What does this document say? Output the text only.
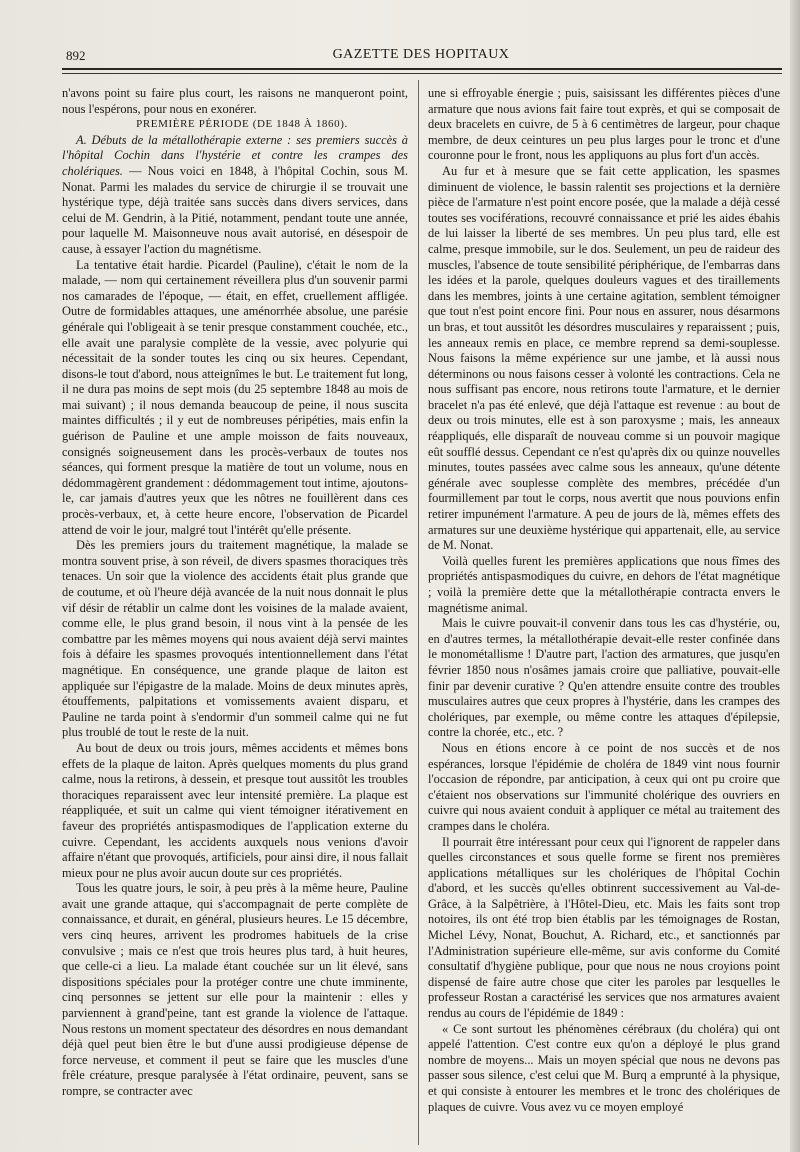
892	GAZETTE DES HOPITAUX

n'avons point su faire plus court, les raisons ne manqueront point, nous l'espérons, pour nous en exonérer.

PREMIÈRE PÉRIODE (DE 1848 À 1860).

A. Débuts de la métallothérapie externe : ses premiers succès à l'hôpital Cochin dans l'hystérie et contre les crampes des cholériques. — Nous voici en 1848, à l'hôpital Cochin, sous M. Nonat. Parmi les malades du service de chirurgie il se trouvait une hystérique type, déjà traitée sans succès dans divers services, dans celui de M. Gendrin, à la Pitié, notamment, pendant toute une année, pour laquelle M. Maisonneuve nous avait autorisé, en désespoir de cause, à essayer l'action du magnétisme.

La tentative était hardie. Picardel (Pauline), c'était le nom de la malade, — nom qui certainement réveillera plus d'un souvenir parmi nos camarades de l'époque, — était, en effet, cruellement affligée. Outre de formidables attaques, une aménorrhée absolue, une parésie générale qui l'obligeait à se tenir presque constamment couchée, etc., elle avait une paralysie complète de la vessie, avec polyurie qui nécessitait de la sonder toutes les cinq ou six heures. Cependant, disons-le tout d'abord, nous atteignîmes le but. Le traitement fut long, il ne dura pas moins de sept mois (du 25 septembre 1848 au mois de mai suivant) ; il nous demanda beaucoup de peine, il nous suscita maintes difficultés ; il y eut de nombreuses péripéties, mais enfin la guérison de Pauline et une ample moisson de faits nouveaux, consignés soigneusement dans les procès-verbaux de toutes nos séances, qui forment presque la matière de tout un volume, nous en dédommagèrent grandement : dédommagement tout intime, ajoutons-le, car jamais d'autres yeux que les nôtres ne fouillèrent dans ces procès-verbaux, et, à cette heure encore, l'observation de Picardel attend de voir le jour, malgré tout l'intérêt qu'elle présente.

Dès les premiers jours du traitement magnétique, la malade se montra souvent prise, à son réveil, de divers spasmes thoraciques très tenaces. Un soir que la violence des accidents était plus grande que de coutume, et où l'heure déjà avancée de la nuit nous donnait le plus vif désir de rétablir un calme dont les voisines de la malade avaient, comme elle, le plus grand besoin, il nous vint à la pensée de les combattre par les mêmes moyens qui nous avaient déjà servi maintes fois à défaire les spasmes provoqués intentionnellement dans l'état magnétique. En conséquence, une grande plaque de laiton est appliquée sur l'épigastre de la malade. Moins de deux minutes après, étouffements, palpitations et vomissements avaient disparu, et Pauline ne tarda point à s'endormir d'un sommeil calme qui ne fut plus troublé de tout le reste de la nuit.

Au bout de deux ou trois jours, mêmes accidents et mêmes bons effets de la plaque de laiton. Après quelques moments du plus grand calme, nous la retirons, à dessein, et presque tout aussitôt les troubles thoraciques reparaissent avec leur intensité première. La plaque est réappliquée, et suit un calme qui vient témoigner itérativement en faveur des propriétés antispasmodiques de l'application externe du cuivre. Cependant, les accidents auxquels nous venions d'avoir affaire n'étant que provoqués, artificiels, pour ainsi dire, il nous fallait mieux pour ne plus avoir aucun doute sur ces propriétés.

Tous les quatre jours, le soir, à peu près à la même heure, Pauline avait une grande attaque, qui s'accompagnait de perte complète de connaissance, et durait, en général, plusieurs heures. Le 15 décembre, vers cinq heures, arrivent les prodromes habituels de la crise convulsive ; mais ce n'est que trois heures plus tard, à huit heures, que celle-ci a lieu. La malade étant couchée sur un lit élevé, sans dispositions spéciales pour la protéger contre une chute imminente, cinq personnes se jettent sur elle pour la maintenir : elles y parviennent à grand'peine, tant est grande la violence de l'attaque. Nous restons un moment spectateur des désordres en nous demandant déjà quel peut bien être le but d'une aussi prodigieuse dépense de force nerveuse, et comment il peut se faire que les muscles d'une frêle créature, presque paralysée à l'état ordinaire, peuvent, sans se rompre, se contracter avec

une si effroyable énergie ; puis, saisissant les différentes pièces d'une armature que nous avions fait faire tout exprès, et qui se composait de deux bracelets en cuivre, de 5 à 6 centimètres de largeur, pour chaque membre, de deux ceintures un peu plus larges pour le tronc et d'une couronne pour le front, nous les appliquons au plus fort d'un accès.

Au fur et à mesure que se fait cette application, les spasmes diminuent de violence, le bassin ralentit ses projections et la dernière pièce de l'armature n'est point encore posée, que la malade a déjà cessé toutes ses vociférations, recouvré connaissance et prié les aides ébahis de lui laisser la liberté de ses membres. Un peu plus tard, elle est calme, presque immobile, sur le dos. Seulement, un peu de raideur des muscles, l'absence de toute sensibilité périphérique, de l'embarras dans les idées et la parole, quelques douleurs vagues et des tiraillements dans les membres, joints à une certaine agitation, semblent témoigner que tout n'est point encore fini. Pour nous en assurer, nous désarmons un bras, et tout aussitôt les désordres musculaires y reparaissent ; puis, les anneaux remis en place, ce membre reprend sa demi-souplesse. Nous faisons la même expérience sur une jambe, et là aussi nous déterminons ou nous faisons cesser à volonté les contractions. Cela ne nous suffisant pas encore, nous retirons toute l'armature, et le dernier bracelet n'a pas été enlevé, que déjà l'attaque est revenue : au bout de deux ou trois minutes, elle est à son paroxysme ; mais, les anneaux réappliqués, elle disparaît de nouveau comme si un pouvoir magique eût soufflé dessus. Cependant ce n'est qu'après dix ou quinze nouvelles minutes, toutes passées avec calme sous les anneaux, qu'une détente générale avec souplesse complète des membres, précédée d'un fourmillement par tout le corps, nous avertit que nous pouvions enfin retirer impunément l'armature. A peu de jours de là, mêmes effets des armatures sur une deuxième hystérique qui appartenait, elle, au service de M. Nonat.

Voilà quelles furent les premières applications que nous fîmes des propriétés antispasmodiques du cuivre, en dehors de l'état magnétique ; voilà la première dette que la métallothérapie contracta envers le magnétisme animal.

Mais le cuivre pouvait-il convenir dans tous les cas d'hystérie, ou, en d'autres termes, la métallothérapie devait-elle rester confinée dans le monométallisme ! D'autre part, l'action des armatures, que jusqu'en février 1850 nous n'osâmes jamais croire que palliative, pouvait-elle finir par devenir curative ? Qu'en attendre ensuite contre des troubles musculaires autres que ceux propres à l'hystérie, dans les crampes des cholériques, par exemple, ou même contre les attaques d'épilepsie, contre la chorée, etc., etc. ?

Nous en étions encore à ce point de nos succès et de nos espérances, lorsque l'épidémie de choléra de 1849 vint nous fournir l'occasion de répondre, par anticipation, à ceux qui ont pu croire que c'étaient nos observations sur l'immunité cholérique des ouvriers en cuivre qui nous avaient conduit à appliquer ce métal au traitement des crampes dans le choléra.

Il pourrait être intéressant pour ceux qui l'ignorent de rappeler dans quelles circonstances et sous quelle forme se firent nos premières applications métalliques sur les cholériques de l'hôpital Cochin d'abord, et les succès qu'elles obtinrent successivement au Val-de-Grâce, à la Salpêtrière, à l'Hôtel-Dieu, etc. Mais les faits sont trop notoires, ils ont été trop bien établis par les témoignages de Rostan, Michel Lévy, Nonat, Bouchut, A. Richard, etc., et sanctionnés par l'Administration supérieure elle-même, sur avis conforme du Comité consultatif d'hygiène publique, pour que nous ne nous croyions point dispensé de faire autre chose que citer les paroles par lesquelles le professeur Rostan a caractérisé les services que nos armatures avaient rendus au cours de l'épidémie de 1849 :

« Ce sont surtout les phénomènes cérébraux (du choléra) qui ont appelé l'attention. C'est contre eux qu'on a déployé le plus grand nombre de moyens... Mais un moyen spécial que nous ne devons pas passer sous silence, c'est celui que M. Burq a emprunté à la physique, et qui consiste à entourer les membres et le tronc des cholériques de plaques de cuivre. Vous avez vu ce moyen employé
